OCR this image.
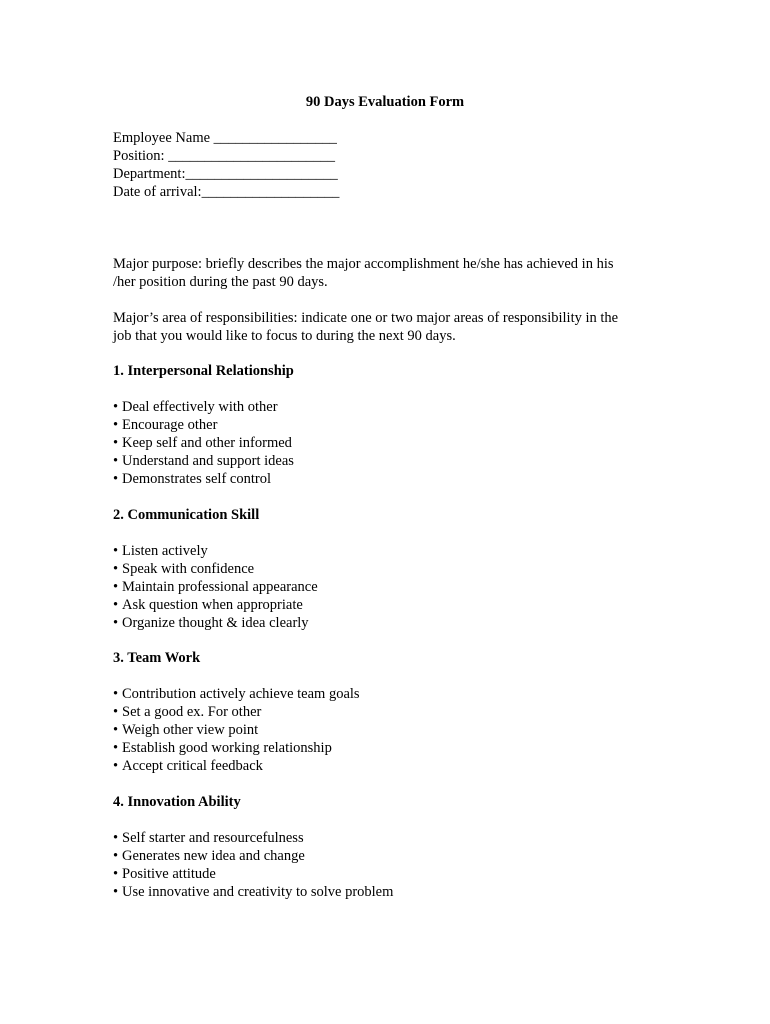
90 Days Evaluation Form
Employee Name _________________
Position: _______________________
Department:_____________________
Date of arrival:___________________
Major purpose: briefly describes the major accomplishment he/she has achieved in his
/her position during the past 90 days.
Major’s area of responsibilities: indicate one or two major areas of responsibility in the
job that you would like to focus to during the next 90 days.
1. Interpersonal Relationship
• Deal effectively with other
• Encourage other
• Keep self and other informed
• Understand and support ideas
• Demonstrates self control
2. Communication Skill
• Listen actively
• Speak with confidence
• Maintain professional appearance
• Ask question when appropriate
• Organize thought & idea clearly
3. Team Work
• Contribution actively achieve team goals
• Set a good ex. For other
• Weigh other view point
• Establish good working relationship
• Accept critical feedback
4. Innovation Ability
• Self starter and resourcefulness
• Generates new idea and change
• Positive attitude
• Use innovative and creativity to solve problem
